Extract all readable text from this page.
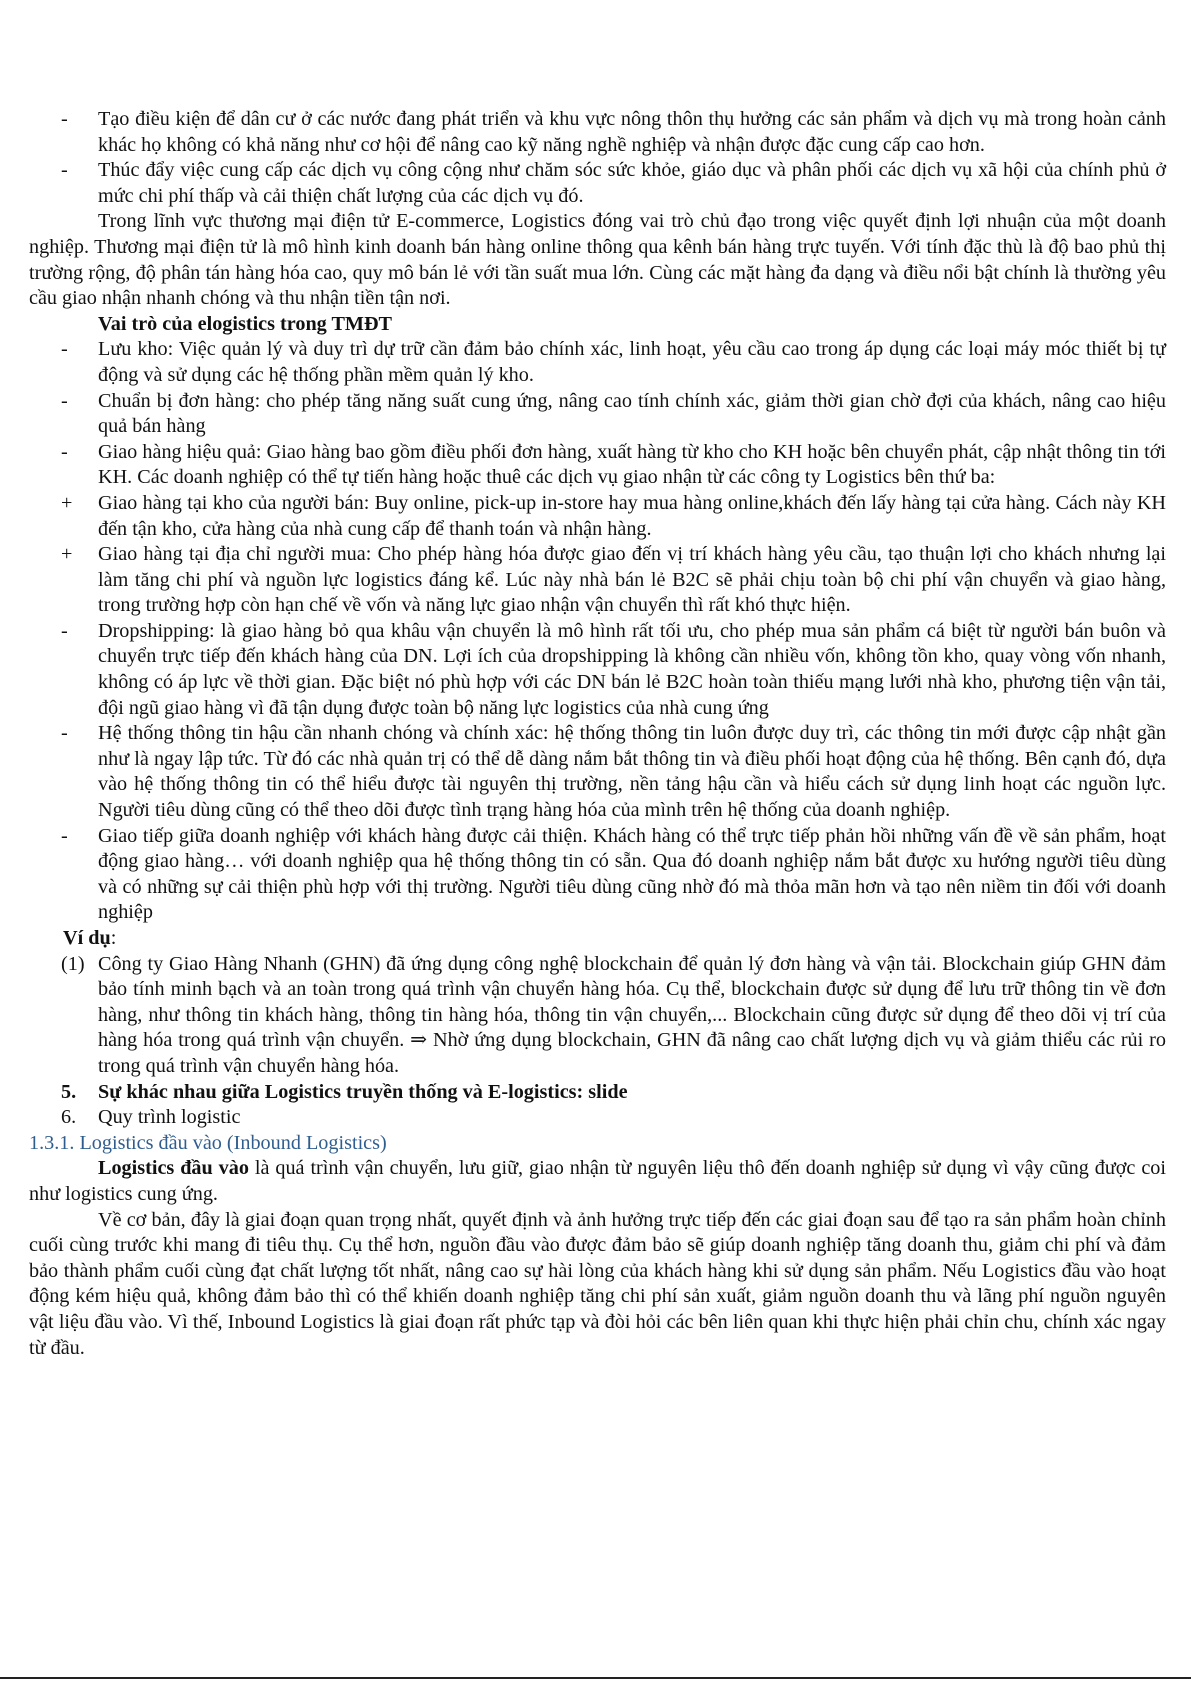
- Tạo điều kiện để dân cư ở các nước đang phát triển và khu vực nông thôn thụ hưởng các sản phẩm và dịch vụ mà trong hoàn cảnh khác họ không có khả năng như cơ hội để nâng cao kỹ năng nghề nghiệp và nhận được đặc cung cấp cao hơn.
- Thúc đẩy việc cung cấp các dịch vụ công cộng như chăm sóc sức khỏe, giáo dục và phân phối các dịch vụ xã hội của chính phủ ở mức chi phí thấp và cải thiện chất lượng của các dịch vụ đó.
Trong lĩnh vực thương mại điện tử E-commerce, Logistics đóng vai trò chủ đạo trong việc quyết định lợi nhuận của một doanh nghiệp. Thương mại điện tử là mô hình kinh doanh bán hàng online thông qua kênh bán hàng trực tuyến. Với tính đặc thù là độ bao phủ thị trường rộng, độ phân tán hàng hóa cao, quy mô bán lẻ với tần suất mua lớn. Cùng các mặt hàng đa dạng và điều nổi bật chính là thường yêu cầu giao nhận nhanh chóng và thu nhận tiền tận nơi.
Vai trò của elogistics trong TMĐT
- Lưu kho: Việc quản lý và duy trì dự trữ cần đảm bảo chính xác, linh hoạt, yêu cầu cao trong áp dụng các loại máy móc thiết bị tự động và sử dụng các hệ thống phần mềm quản lý kho.
- Chuẩn bị đơn hàng: cho phép tăng năng suất cung ứng, nâng cao tính chính xác, giảm thời gian chờ đợi của khách, nâng cao hiệu quả bán hàng
- Giao hàng hiệu quả: Giao hàng bao gồm điều phối đơn hàng, xuất hàng từ kho cho KH hoặc bên chuyển phát, cập nhật thông tin tới KH. Các doanh nghiệp có thể tự tiến hàng hoặc thuê các dịch vụ giao nhận từ các công ty Logistics bên thứ ba:
+ Giao hàng tại kho của người bán: Buy online, pick-up in-store hay mua hàng online,khách đến lấy hàng tại cửa hàng. Cách này KH đến tận kho, cửa hàng của nhà cung cấp để thanh toán và nhận hàng.
+ Giao hàng tại địa chỉ người mua: Cho phép hàng hóa được giao đến vị trí khách hàng yêu cầu, tạo thuận lợi cho khách nhưng lại làm tăng chi phí và nguồn lực logistics đáng kể. Lúc này nhà bán lẻ B2C sẽ phải chịu toàn bộ chi phí vận chuyển và giao hàng, trong trường hợp còn hạn chế về vốn và năng lực giao nhận vận chuyển thì rất khó thực hiện.
- Dropshipping: là giao hàng bỏ qua khâu vận chuyển là mô hình rất tối ưu, cho phép mua sản phẩm cá biệt từ người bán buôn và chuyển trực tiếp đến khách hàng của DN. Lợi ích của dropshipping là không cần nhiều vốn, không tồn kho, quay vòng vốn nhanh, không có áp lực về thời gian. Đặc biệt nó phù hợp với các DN bán lẻ B2C hoàn toàn thiếu mạng lưới nhà kho, phương tiện vận tải, đội ngũ giao hàng vì đã tận dụng được toàn bộ năng lực logistics của nhà cung ứng
- Hệ thống thông tin hậu cần nhanh chóng và chính xác: hệ thống thông tin luôn được duy trì, các thông tin mới được cập nhật gần như là ngay lập tức. Từ đó các nhà quản trị có thể dễ dàng nắm bắt thông tin và điều phối hoạt động của hệ thống. Bên cạnh đó, dựa vào hệ thống thông tin có thể hiểu được tài nguyên thị trường, nền tảng hậu cần và hiểu cách sử dụng linh hoạt các nguồn lực. Người tiêu dùng cũng có thể theo dõi được tình trạng hàng hóa của mình trên hệ thống của doanh nghiệp.
- Giao tiếp giữa doanh nghiệp với khách hàng được cải thiện. Khách hàng có thể trực tiếp phản hồi những vấn đề về sản phẩm, hoạt động giao hàng… với doanh nghiệp qua hệ thống thông tin có sẵn. Qua đó doanh nghiệp nắm bắt được xu hướng người tiêu dùng và có những sự cải thiện phù hợp với thị trường. Người tiêu dùng cũng nhờ đó mà thỏa mãn hơn và tạo nên niềm tin đối với doanh nghiệp
Ví dụ:
(1) Công ty Giao Hàng Nhanh (GHN) đã ứng dụng công nghệ blockchain để quản lý đơn hàng và vận tải. Blockchain giúp GHN đảm bảo tính minh bạch và an toàn trong quá trình vận chuyển hàng hóa. Cụ thể, blockchain được sử dụng để lưu trữ thông tin về đơn hàng, như thông tin khách hàng, thông tin hàng hóa, thông tin vận chuyển,... Blockchain cũng được sử dụng để theo dõi vị trí của hàng hóa trong quá trình vận chuyển. ⇒ Nhờ ứng dụng blockchain, GHN đã nâng cao chất lượng dịch vụ và giảm thiểu các rủi ro trong quá trình vận chuyển hàng hóa.
5. Sự khác nhau giữa Logistics truyền thống và E-logistics: slide
6. Quy trình logistic
1.3.1. Logistics đầu vào (Inbound Logistics)
Logistics đầu vào là quá trình vận chuyển, lưu giữ, giao nhận từ nguyên liệu thô đến doanh nghiệp sử dụng vì vậy cũng được coi như logistics cung ứng.
Về cơ bản, đây là giai đoạn quan trọng nhất, quyết định và ảnh hưởng trực tiếp đến các giai đoạn sau để tạo ra sản phẩm hoàn chỉnh cuối cùng trước khi mang đi tiêu thụ. Cụ thể hơn, nguồn đầu vào được đảm bảo sẽ giúp doanh nghiệp tăng doanh thu, giảm chi phí và đảm bảo thành phẩm cuối cùng đạt chất lượng tốt nhất, nâng cao sự hài lòng của khách hàng khi sử dụng sản phẩm. Nếu Logistics đầu vào hoạt động kém hiệu quả, không đảm bảo thì có thể khiến doanh nghiệp tăng chi phí sản xuất, giảm nguồn doanh thu và lãng phí nguồn nguyên vật liệu đầu vào. Vì thế, Inbound Logistics là giai đoạn rất phức tạp và đòi hỏi các bên liên quan khi thực hiện phải chỉn chu, chính xác ngay từ đầu.
